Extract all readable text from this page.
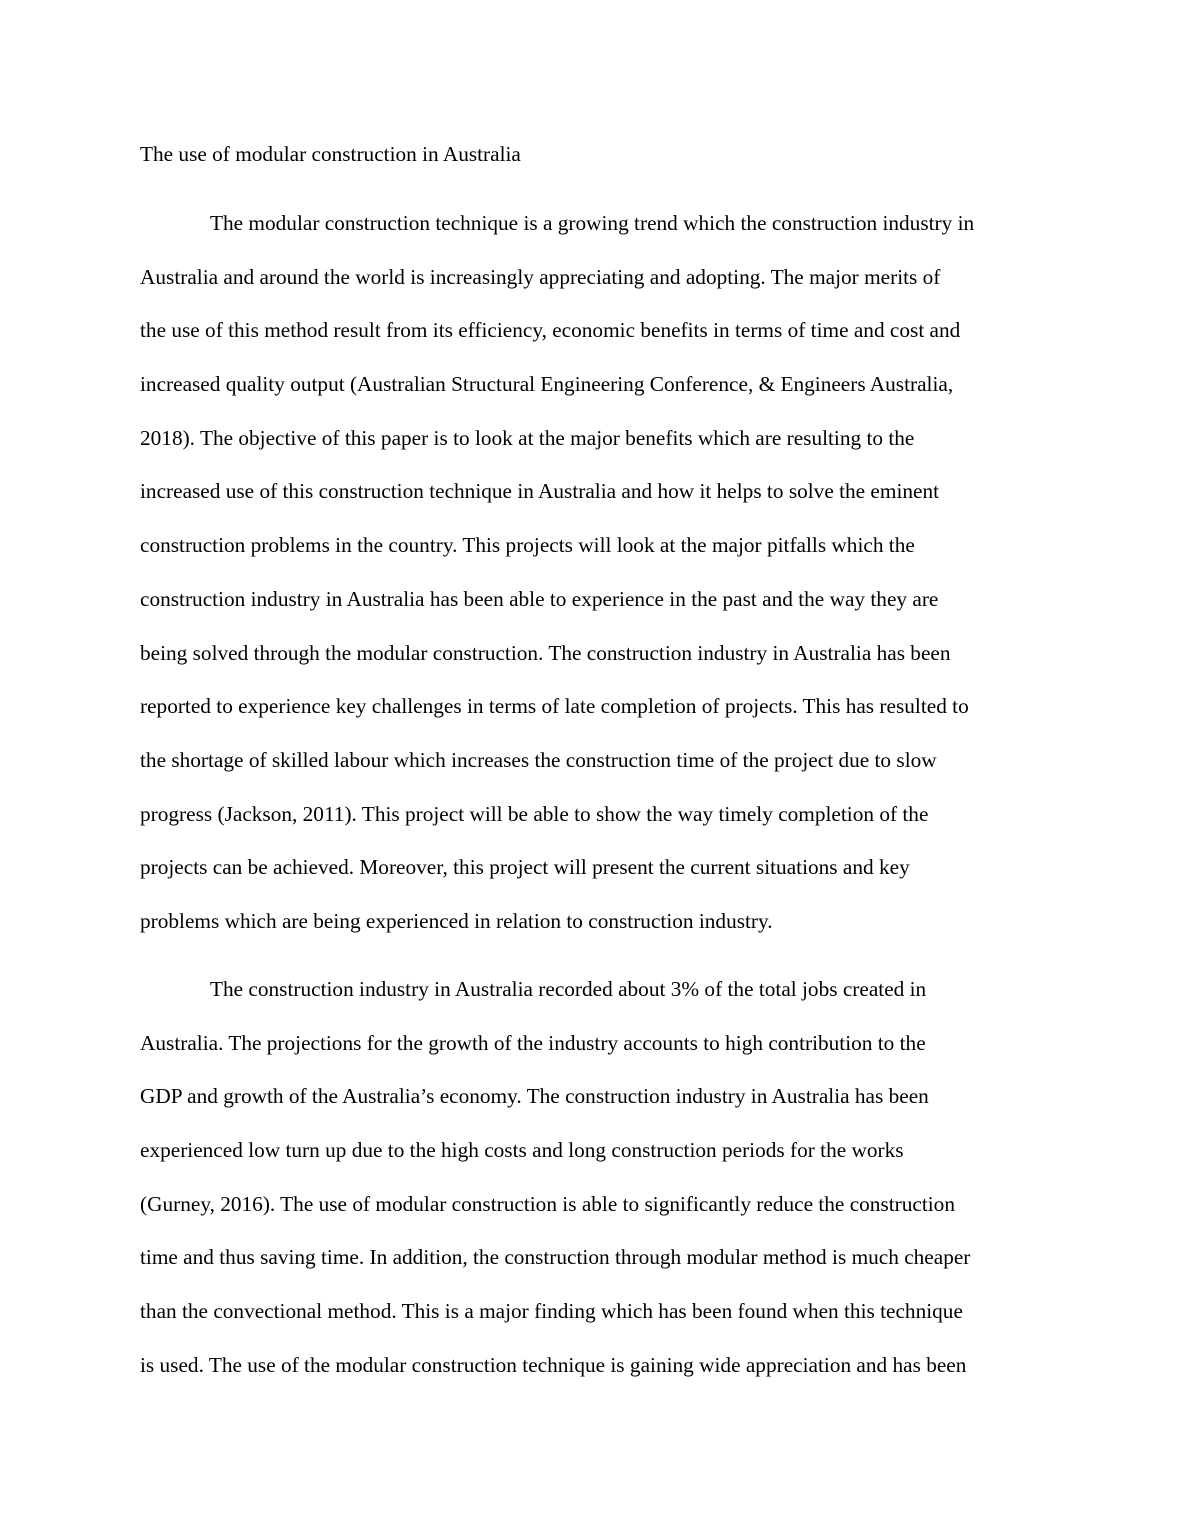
The use of modular construction in Australia
The modular construction technique is a growing trend which the construction industry in
Australia and around the world is increasingly appreciating and adopting. The major merits of
the use of this method result from its efficiency, economic benefits in terms of time and cost and
increased quality output (Australian Structural Engineering Conference, & Engineers Australia,
2018). The objective of this paper is to look at the major benefits which are resulting to the
increased use of this construction technique in Australia and how it helps to solve the eminent
construction problems in the country. This projects will look at the major pitfalls which the
construction industry in Australia has been able to experience in the past and the way they are
being solved through the modular construction. The construction industry in Australia has been
reported to experience key challenges in terms of late completion of projects. This has resulted to
the shortage of skilled labour which increases the construction time of the project due to slow
progress (Jackson, 2011). This project will be able to show the way timely completion of the
projects can be achieved. Moreover, this project will present the current situations and key
problems which are being experienced in relation to construction industry.
The construction industry in Australia recorded about 3% of the total jobs created in
Australia. The projections for the growth of the industry accounts to high contribution to the
GDP and growth of the Australia’s economy. The construction industry in Australia has been
experienced low turn up due to the high costs and long construction periods for the works
(Gurney, 2016). The use of modular construction is able to significantly reduce the construction
time and thus saving time. In addition, the construction through modular method is much cheaper
than the convectional method. This is a major finding which has been found when this technique
is used. The use of the modular construction technique is gaining wide appreciation and has been
